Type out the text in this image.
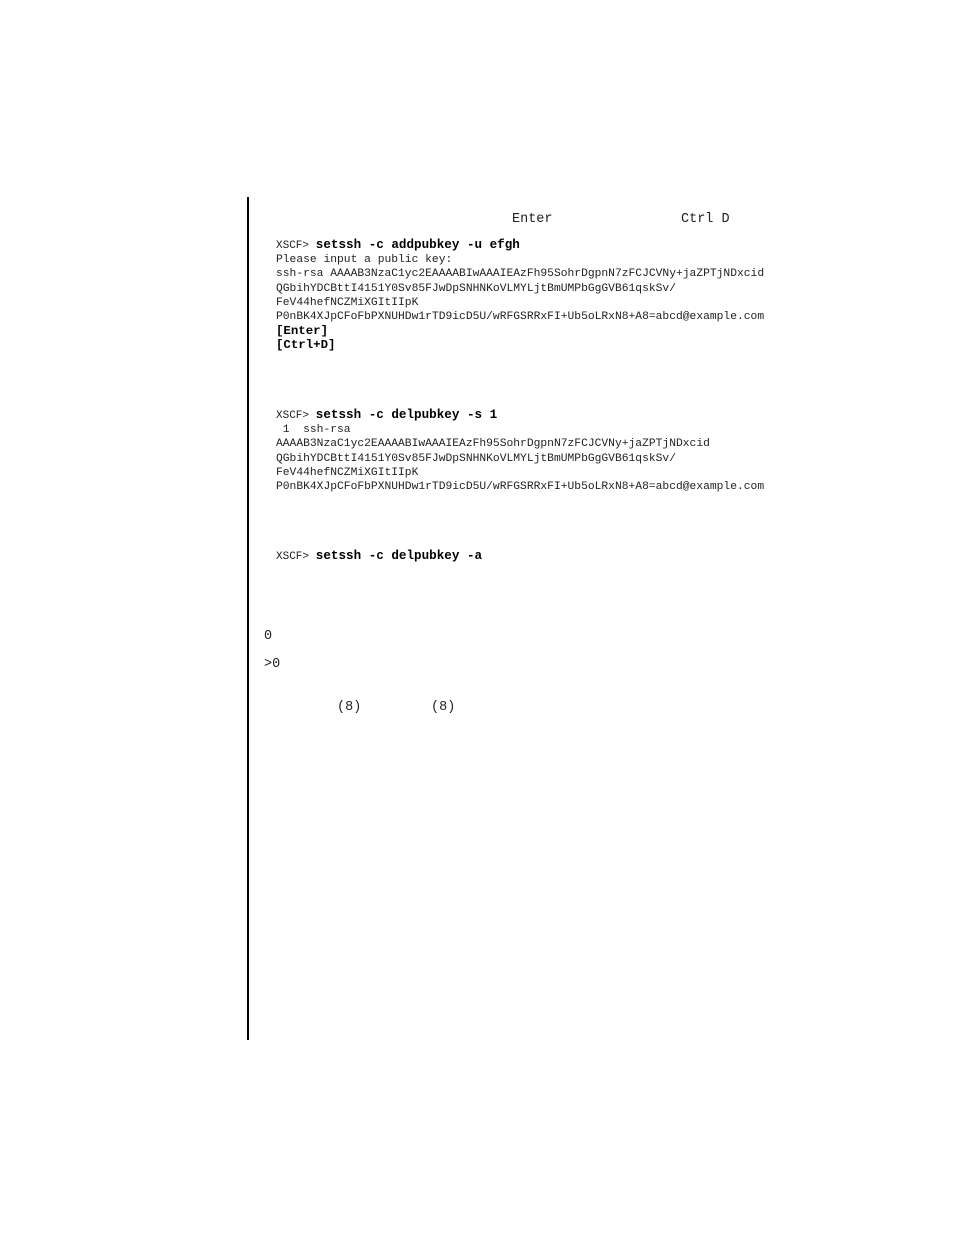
Enter	Ctrl D
XSCF> setssh -c addpubkey -u efgh
Please input a public key:
ssh-rsa AAAAB3NzaC1yc2EAAAABIwAAAIEAzFh95SohrDgpnN7zFCJCVNy+jaZPTjNDxcid
QGbihYDCBttI4151Y0Sv85FJwDpSNHNKoVLMYLjtBmUMPbGgGVB61qskSv/
FeV44hefNCZMiXGItIIpK
P0nBK4XJpCFoFbPXNUHDw1rTD9icD5U/wRFGSRRxFI+Ub5oLRxN8+A8=abcd@example.com
[Enter]
[Ctrl+D]
XSCF> setssh -c delpubkey -s 1
1  ssh-rsa
AAAAB3NzaC1yc2EAAAABIwAAAIEAzFh95SohrDgpnN7zFCJCVNy+jaZPTjNDxcid
QGbihYDCBttI4151Y0Sv85FJwDpSNHNKoVLMYLjtBmUMPbGgGVB61qskSv/
FeV44hefNCZMiXGItIIpK
P0nBK4XJpCFoFbPXNUHDw1rTD9icD5U/wRFGSRRxFI+Ub5oLRxN8+A8=abcd@example.com
XSCF> setssh -c delpubkey -a
0
>0
(8)	(8)
